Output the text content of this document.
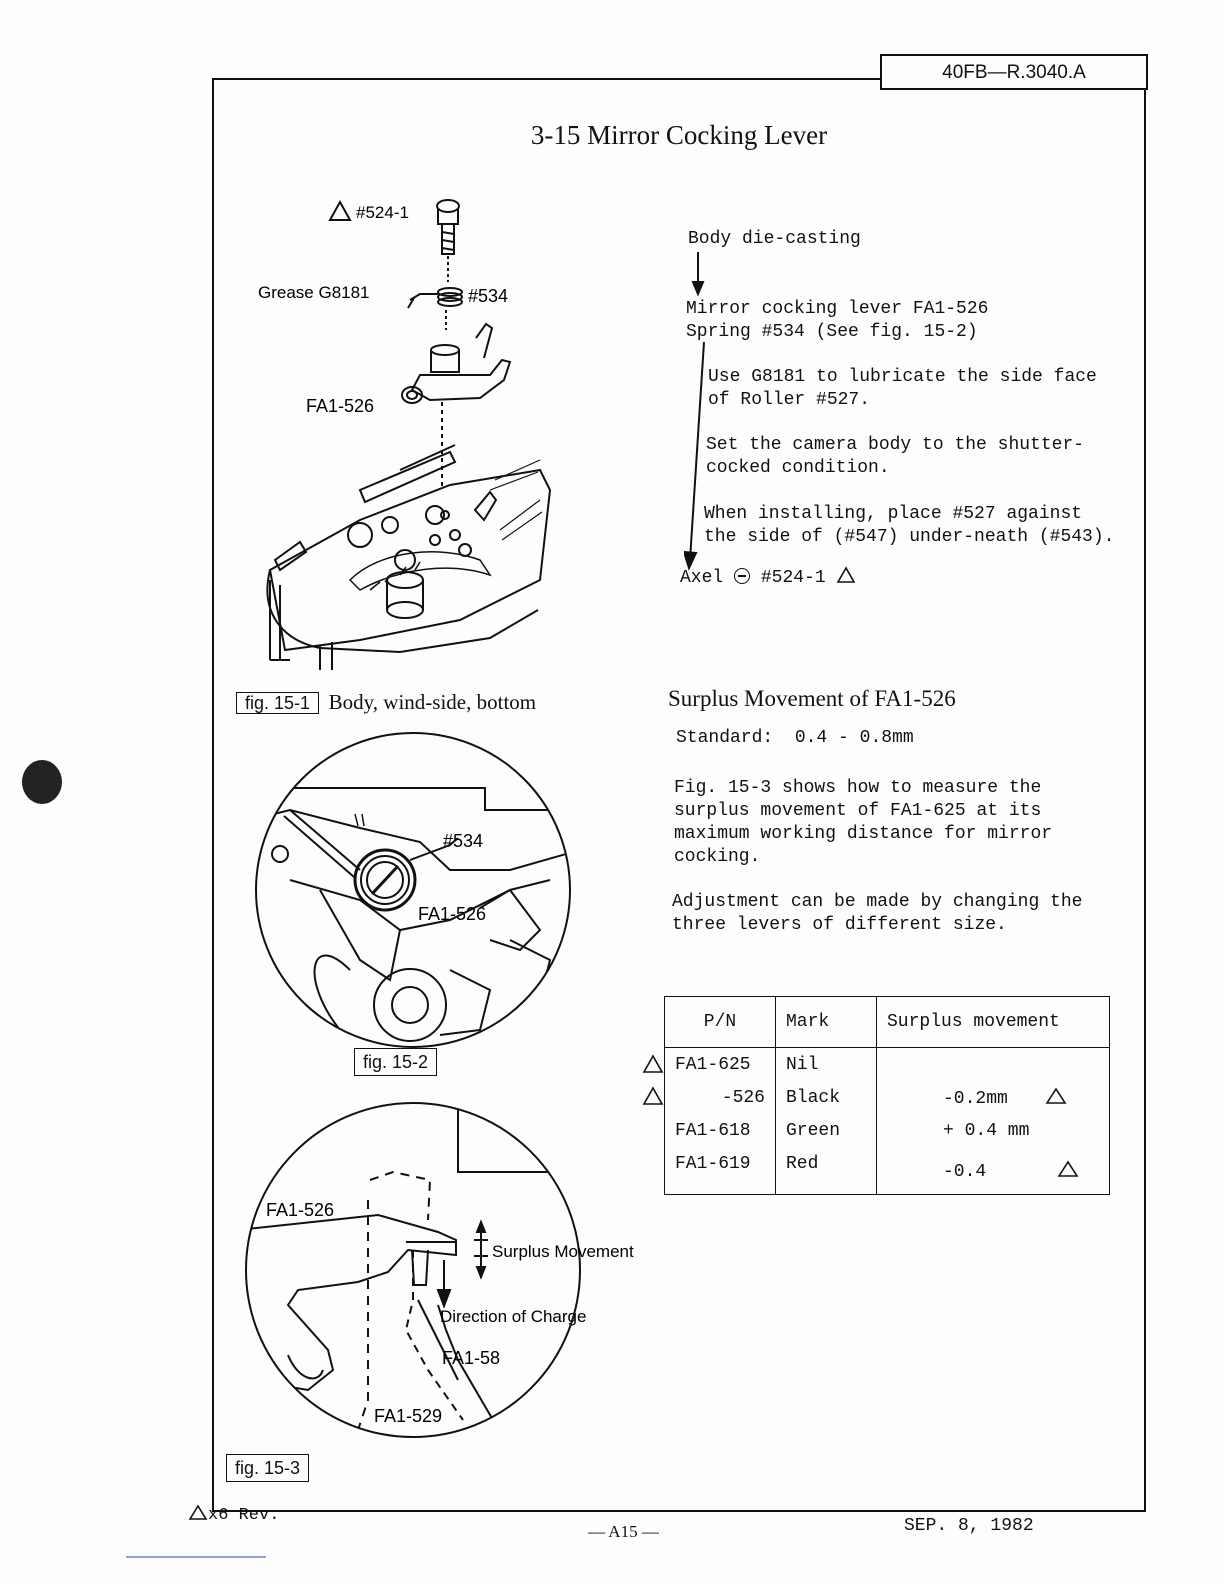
40FB—R.3040.A
3-15 Mirror Cocking Lever
#524-1
Grease G8181	#534
FA1-526
fig. 15-1 Body, wind-side, bottom
Body die-casting
Mirror cocking lever FA1-526
Spring #534 (See fig. 15-2)
Use G8181 to lubricate the side face
of Roller #527.
Set the camera body to the shutter-
cocked condition.
When installing, place #527 against
the side of (#547) under-neath (#543).
Axel #524-1
Surplus Movement of FA1-526
Standard: 0.4 - 0.8mm
Fig. 15-3 shows how to measure the
surplus movement of FA1-625 at its
maximum working distance for mirror
cocking.
Adjustment can be made by changing the
three levers of different size.
P/N	Mark	Surplus movement
FA1-625	Nil	
-526	Black	-0.2mm
FA1-618	Green	+ 0.4 mm
FA1-619	Red	-0.4
#534
FA1-526
fig. 15-2
FA1-526
Surplus Movement
Direction of Charge
FA1-58
FA1-529
fig. 15-3
x6 Rev.
— A15 —	SEP. 8, 1982
